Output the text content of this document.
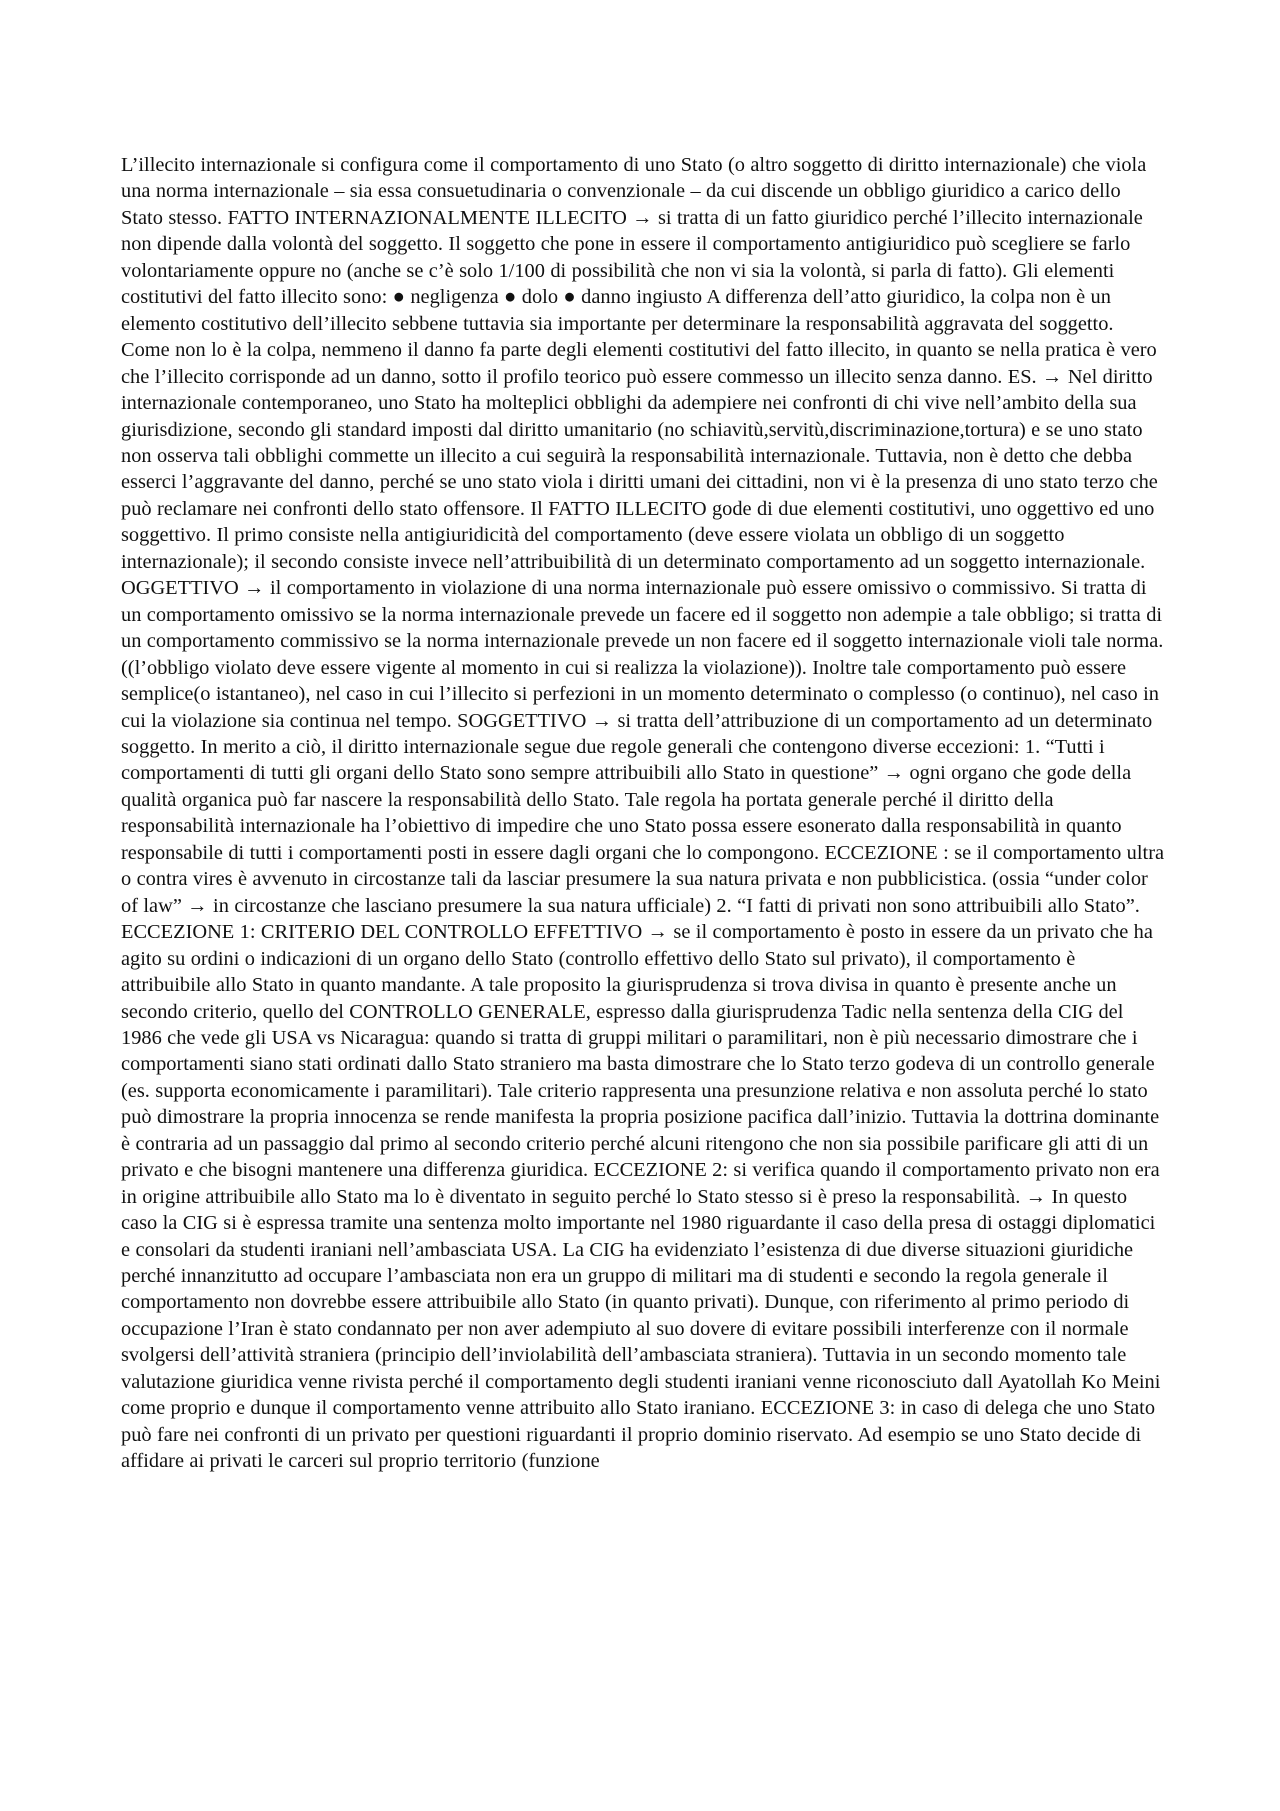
L’illecito internazionale si configura come il comportamento di uno Stato (o altro soggetto di diritto internazionale) che viola una norma internazionale – sia essa consuetudinaria o convenzionale – da cui discende un obbligo giuridico a carico dello Stato stesso. FATTO INTERNAZIONALMENTE ILLECITO → si tratta di un fatto giuridico perché l’illecito internazionale non dipende dalla volontà del soggetto. Il soggetto che pone in essere il comportamento antigiuridico può scegliere se farlo volontariamente oppure no (anche se c’è solo 1/100 di possibilità che non vi sia la volontà, si parla di fatto). Gli elementi costitutivi del fatto illecito sono: ● negligenza ● dolo ● danno ingiusto A differenza dell’atto giuridico, la colpa non è un elemento costitutivo dell’illecito sebbene tuttavia sia importante per determinare la responsabilità aggravata del soggetto. Come non lo è la colpa, nemmeno il danno fa parte degli elementi costitutivi del fatto illecito, in quanto se nella pratica è vero che l’illecito corrisponde ad un danno, sotto il profilo teorico può essere commesso un illecito senza danno. ES. → Nel diritto internazionale contemporaneo, uno Stato ha molteplici obblighi da adempiere nei confronti di chi vive nell’ambito della sua giurisdizione, secondo gli standard imposti dal diritto umanitario (no schiavitù,servitù,discriminazione,tortura) e se uno stato non osserva tali obblighi commette un illecito a cui seguirà la responsabilità internazionale. Tuttavia, non è detto che debba esserci l’aggravante del danno, perché se uno stato viola i diritti umani dei cittadini, non vi è la presenza di uno stato terzo che può reclamare nei confronti dello stato offensore. Il FATTO ILLECITO gode di due elementi costitutivi, uno oggettivo ed uno soggettivo. Il primo consiste nella antigiuridicità del comportamento (deve essere violata un obbligo di un soggetto internazionale); il secondo consiste invece nell’attribuibilità di un determinato comportamento ad un soggetto internazionale. OGGETTIVO → il comportamento in violazione di una norma internazionale può essere omissivo o commissivo. Si tratta di un comportamento omissivo se la norma internazionale prevede un facere ed il soggetto non adempie a tale obbligo; si tratta di un comportamento commissivo se la norma internazionale prevede un non facere ed il soggetto internazionale violi tale norma. ((l’obbligo violato deve essere vigente al momento in cui si realizza la violazione)). Inoltre tale comportamento può essere semplice(o istantaneo), nel caso in cui l’illecito si perfezioni in un momento determinato o complesso (o continuo), nel caso in cui la violazione sia continua nel tempo. SOGGETTIVO → si tratta dell’attribuzione di un comportamento ad un determinato soggetto. In merito a ciò, il diritto internazionale segue due regole generali che contengono diverse eccezioni: 1. “Tutti i comportamenti di tutti gli organi dello Stato sono sempre attribuibili allo Stato in questione” → ogni organo che gode della qualità organica può far nascere la responsabilità dello Stato. Tale regola ha portata generale perché il diritto della responsabilità internazionale ha l’obiettivo di impedire che uno Stato possa essere esonerato dalla responsabilità in quanto responsabile di tutti i comportamenti posti in essere dagli organi che lo compongono. ECCEZIONE : se il comportamento ultra o contra vires è avvenuto in circostanze tali da lasciar presumere la sua natura privata e non pubblicistica. (ossia “under color of law” → in circostanze che lasciano presumere la sua natura ufficiale) 2. “I fatti di privati non sono attribuibili allo Stato”. ECCEZIONE 1: CRITERIO DEL CONTROLLO EFFETTIVO → se il comportamento è posto in essere da un privato che ha agito su ordini o indicazioni di un organo dello Stato (controllo effettivo dello Stato sul privato), il comportamento è attribuibile allo Stato in quanto mandante. A tale proposito la giurisprudenza si trova divisa in quanto è presente anche un secondo criterio, quello del CONTROLLO GENERALE, espresso dalla giurisprudenza Tadic nella sentenza della CIG del 1986 che vede gli USA vs Nicaragua: quando si tratta di gruppi militari o paramilitari, non è più necessario dimostrare che i comportamenti siano stati ordinati dallo Stato straniero ma basta dimostrare che lo Stato terzo godeva di un controllo generale (es. supporta economicamente i paramilitari). Tale criterio rappresenta una presunzione relativa e non assoluta perché lo stato può dimostrare la propria innocenza se rende manifesta la propria posizione pacifica dall’inizio. Tuttavia la dottrina dominante è contraria ad un passaggio dal primo al secondo criterio perché alcuni ritengono che non sia possibile parificare gli atti di un privato e che bisogni mantenere una differenza giuridica. ECCEZIONE 2: si verifica quando il comportamento privato non era in origine attribuibile allo Stato ma lo è diventato in seguito perché lo Stato stesso si è preso la responsabilità. → In questo caso la CIG si è espressa tramite una sentenza molto importante nel 1980 riguardante il caso della presa di ostaggi diplomatici e consolari da studenti iraniani nell’ambasciata USA. La CIG ha evidenziato l’esistenza di due diverse situazioni giuridiche perché innanzitutto ad occupare l’ambasciata non era un gruppo di militari ma di studenti e secondo la regola generale il comportamento non dovrebbe essere attribuibile allo Stato (in quanto privati). Dunque, con riferimento al primo periodo di occupazione l’Iran è stato condannato per non aver adempiuto al suo dovere di evitare possibili interferenze con il normale svolgersi dell’attività straniera (principio dell’inviolabilità dell’ambasciata straniera). Tuttavia in un secondo momento tale valutazione giuridica venne rivista perché il comportamento degli studenti iraniani venne riconosciuto dall Ayatollah Ko Meini come proprio e dunque il comportamento venne attribuito allo Stato iraniano. ECCEZIONE 3: in caso di delega che uno Stato può fare nei confronti di un privato per questioni riguardanti il proprio dominio riservato. Ad esempio se uno Stato decide di affidare ai privati le carceri sul proprio territorio (funzione
